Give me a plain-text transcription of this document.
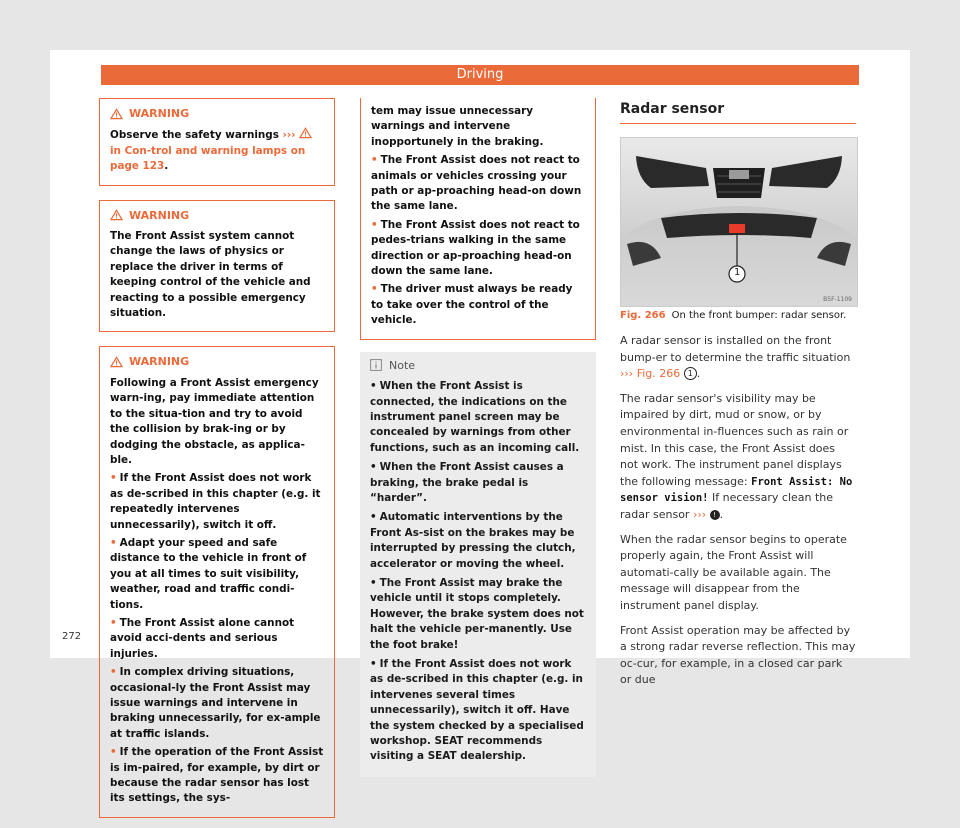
Driving
WARNING

Observe the safety warnings ›››  in Con-trol and warning lamps on page 123.

WARNING

The Front Assist system cannot change the laws of physics or replace the driver in terms of keeping control of the vehicle and reacting to a possible emergency situation.

WARNING

Following a Front Assist emergency warn-ing, pay immediate attention to the situa-tion and try to avoid the collision by brak-ing or by dodging the obstacle, as applica-ble.

• If the Front Assist does not work as de-scribed in this chapter (e.g. it repeatedly intervenes unnecessarily), switch it off.
• Adapt your speed and safe distance to the vehicle in front of you at all times to suit visibility, weather, road and traffic condi-tions.
• The Front Assist alone cannot avoid acci-dents and serious injuries.
• In complex driving situations, occasional-ly the Front Assist may issue warnings and intervene in braking unnecessarily, for ex-ample at traffic islands.
• If the operation of the Front Assist is im-paired, for example, by dirt or because the radar sensor has lost its settings, the sys-

tem may issue unnecessary warnings and intervene inopportunely in the braking.

• The Front Assist does not react to animals or vehicles crossing your path or ap-proaching head-on down the same lane.
• The Front Assist does not react to pedes-trians walking in the same direction or ap-proaching head-on down the same lane.
• The driver must always be ready to take over the control of the vehicle.
Note
• When the Front Assist is connected, the indications on the instrument panel screen may be concealed by warnings from other functions, such as an incoming call.
• When the Front Assist causes a braking, the brake pedal is “harder”.
• Automatic interventions by the Front As-sist on the brakes may be interrupted by pressing the clutch, accelerator or moving the wheel.
• The Front Assist may brake the vehicle until it stops completely. However, the brake system does not halt the vehicle per-manently. Use the foot brake!
• If the Front Assist does not work as de-scribed in this chapter (e.g. in intervenes several times unnecessarily), switch it off. Have the system checked by a specialised workshop. SEAT recommends visiting a SEAT dealership.
Radar sensor
1
B5F-1109
Fig. 266 On the front bumper: radar sensor.

A radar sensor is installed on the front bump-er to determine the traffic situation
››› Fig. 266 1 .

The radar sensor's visibility may be impaired by dirt, mud or snow, or by environmental in-fluences such as rain or mist. In this case, the Front Assist does not work. The instrument panel displays the following message: Front Assist: No sensor vision! If necessary clean the radar sensor ››› ! .

When the radar sensor begins to operate properly again, the Front Assist will automati-cally be available again. The message will disappear from the instrument panel display.

Front Assist operation may be affected by a strong radar reverse reflection. This may oc-cur, for example, in a closed car park or due

272
